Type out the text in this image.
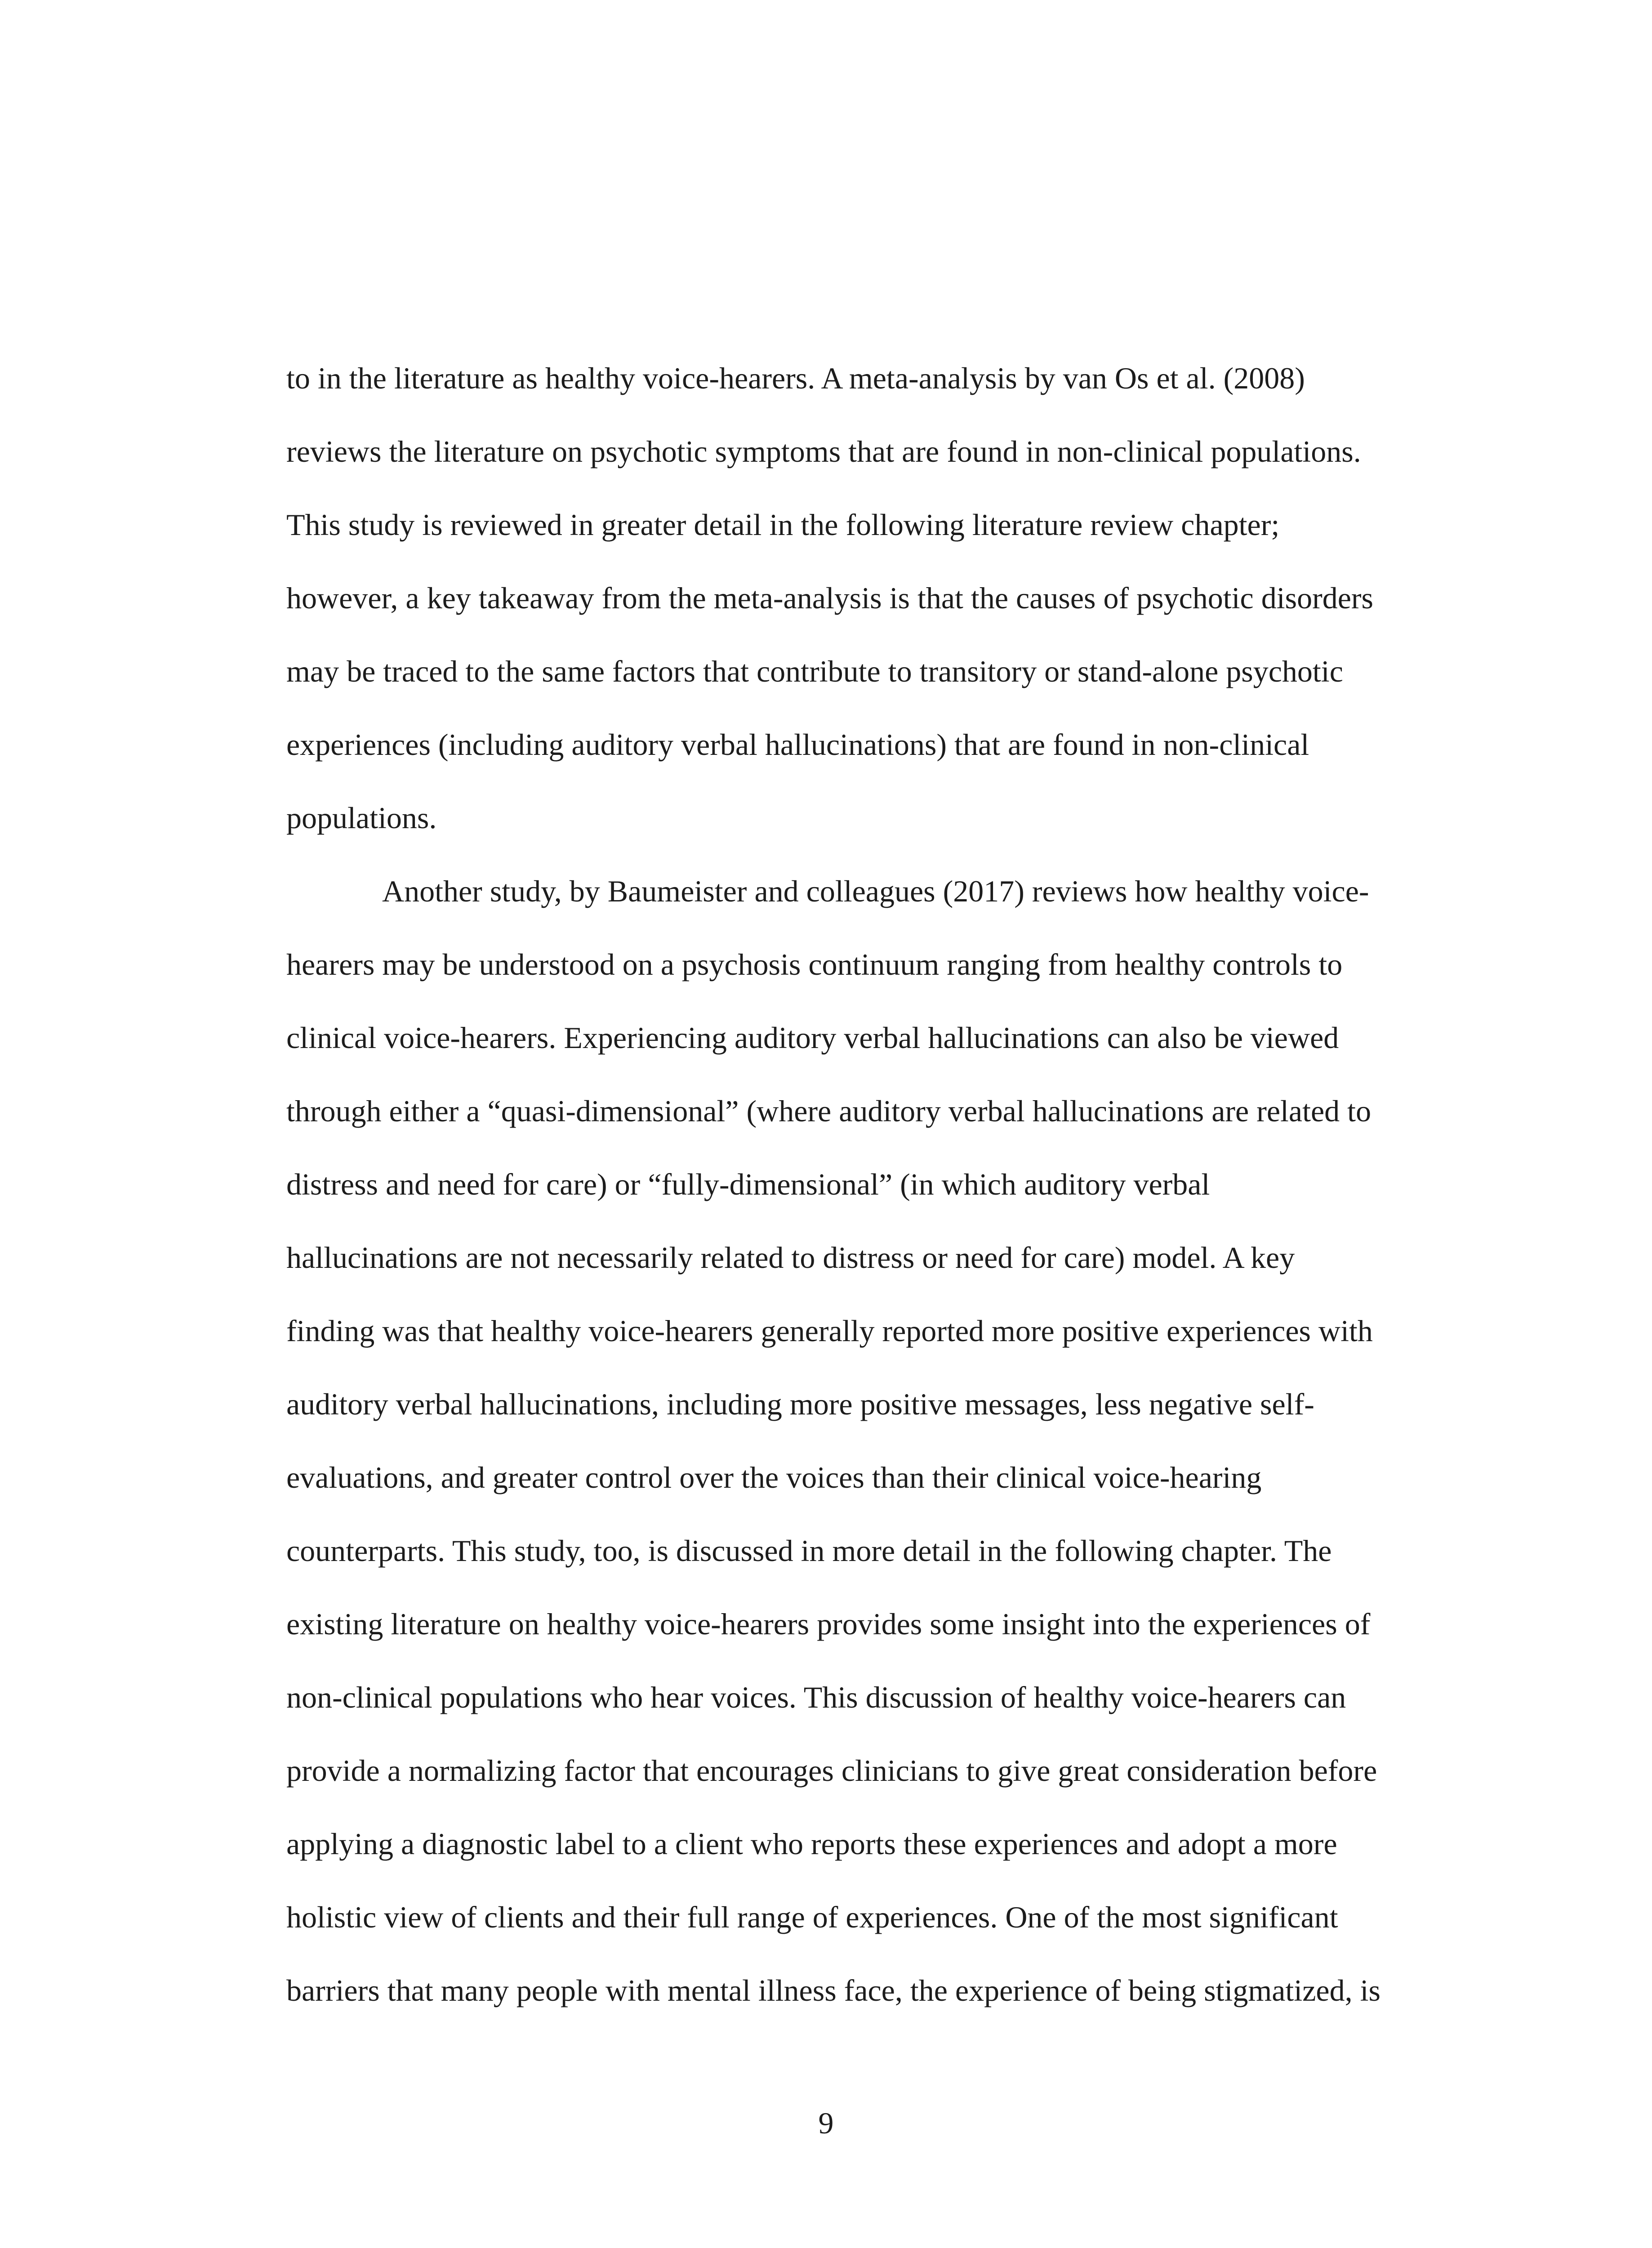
to in the literature as healthy voice-hearers. A meta-analysis by van Os et al. (2008)
reviews the literature on psychotic symptoms that are found in non-clinical populations.
This study is reviewed in greater detail in the following literature review chapter;
however, a key takeaway from the meta-analysis is that the causes of psychotic disorders
may be traced to the same factors that contribute to transitory or stand-alone psychotic
experiences (including auditory verbal hallucinations) that are found in non-clinical
populations.
Another study, by Baumeister and colleagues (2017) reviews how healthy voice-
hearers may be understood on a psychosis continuum ranging from healthy controls to
clinical voice-hearers. Experiencing auditory verbal hallucinations can also be viewed
through either a “quasi-dimensional” (where auditory verbal hallucinations are related to
distress and need for care) or “fully-dimensional” (in which auditory verbal
hallucinations are not necessarily related to distress or need for care) model. A key
finding was that healthy voice-hearers generally reported more positive experiences with
auditory verbal hallucinations, including more positive messages, less negative self-
evaluations, and greater control over the voices than their clinical voice-hearing
counterparts. This study, too, is discussed in more detail in the following chapter. The
existing literature on healthy voice-hearers provides some insight into the experiences of
non-clinical populations who hear voices. This discussion of healthy voice-hearers can
provide a normalizing factor that encourages clinicians to give great consideration before
applying a diagnostic label to a client who reports these experiences and adopt a more
holistic view of clients and their full range of experiences. One of the most significant
barriers that many people with mental illness face, the experience of being stigmatized, is
9
